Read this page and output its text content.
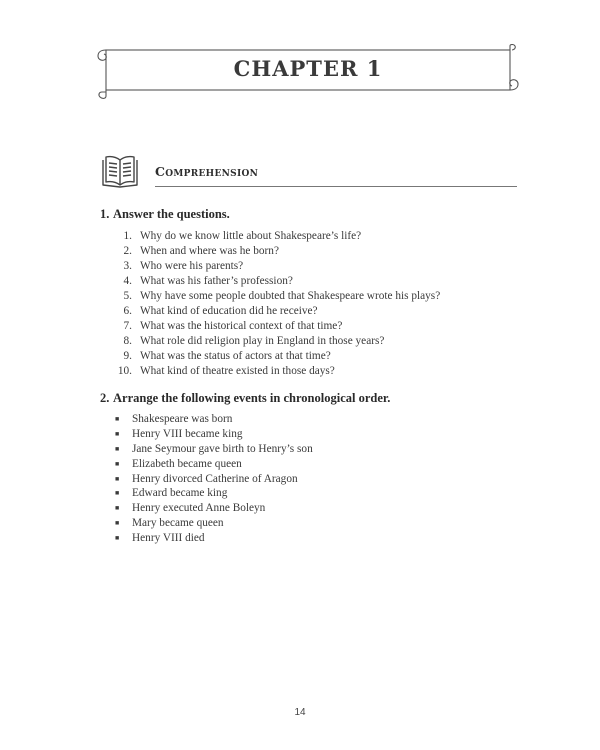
CHAPTER 1
Comprehension
1. Answer the questions.
1. Why do we know little about Shakespeare’s life?
2. When and where was he born?
3. Who were his parents?
4. What was his father’s profession?
5. Why have some people doubted that Shakespeare wrote his plays?
6. What kind of education did he receive?
7. What was the historical context of that time?
8. What role did religion play in England in those years?
9. What was the status of actors at that time?
10. What kind of theatre existed in those days?
2. Arrange the following events in chronological order.
■ Shakespeare was born
■ Henry VIII became king
■ Jane Seymour gave birth to Henry’s son
■ Elizabeth became queen
■ Henry divorced Catherine of Aragon
■ Edward became king
■ Henry executed Anne Boleyn
■ Mary became queen
■ Henry VIII died
14
